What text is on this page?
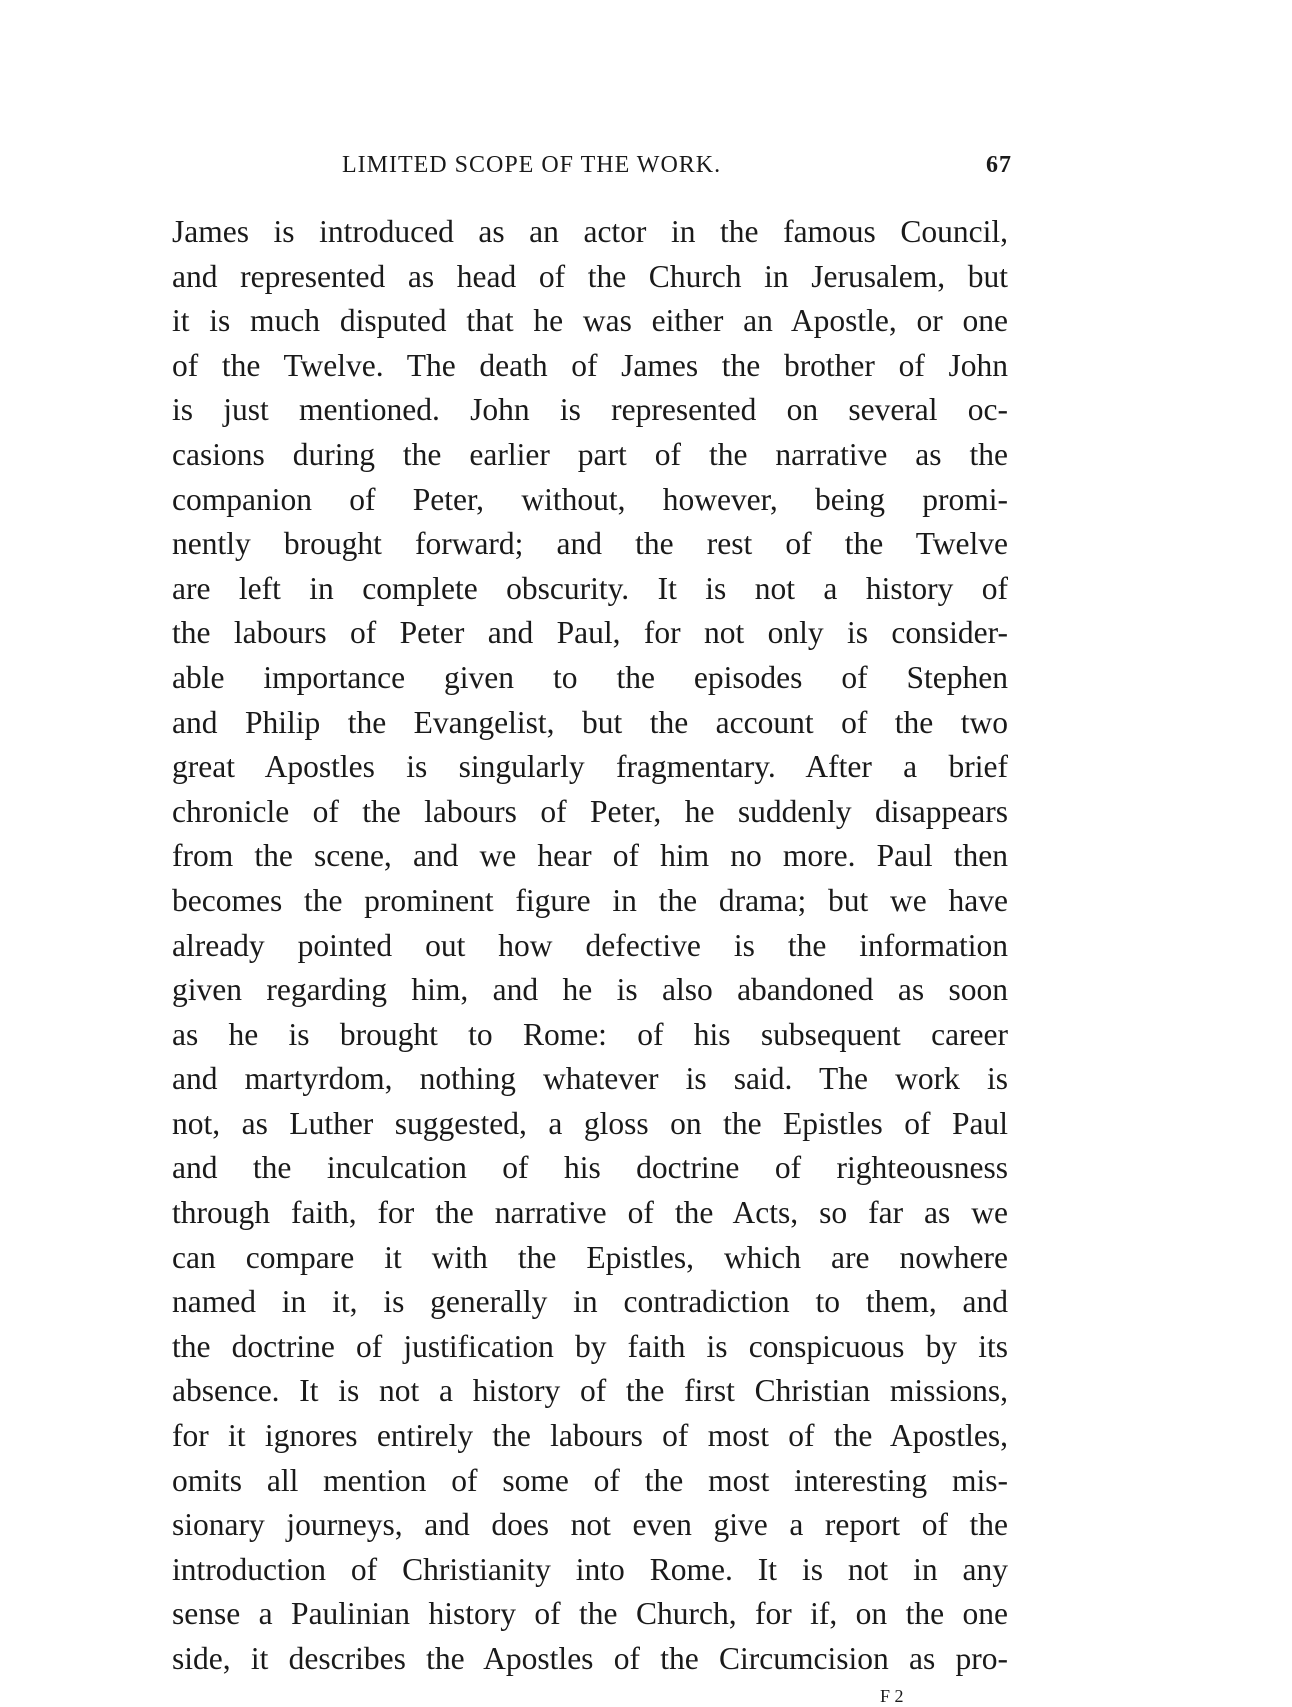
LIMITED SCOPE OF THE WORK.	67
James is introduced as an actor in the famous Council,
and represented as head of the Church in Jerusalem, but
it is much disputed that he was either an Apostle, or one
of the Twelve. The death of James the brother of John
is just mentioned. John is represented on several oc-
casions during the earlier part of the narrative as the
companion of Peter, without, however, being promi-
nently brought forward; and the rest of the Twelve
are left in complete obscurity. It is not a history of
the labours of Peter and Paul, for not only is consider-
able importance given to the episodes of Stephen
and Philip the Evangelist, but the account of the two
great Apostles is singularly fragmentary. After a brief
chronicle of the labours of Peter, he suddenly disappears
from the scene, and we hear of him no more. Paul then
becomes the prominent figure in the drama; but we have
already pointed out how defective is the information
given regarding him, and he is also abandoned as soon
as he is brought to Rome: of his subsequent career
and martyrdom, nothing whatever is said. The work is
not, as Luther suggested, a gloss on the Epistles of Paul
and the inculcation of his doctrine of righteousness
through faith, for the narrative of the Acts, so far as we
can compare it with the Epistles, which are nowhere
named in it, is generally in contradiction to them, and
the doctrine of justification by faith is conspicuous by its
absence. It is not a history of the first Christian missions,
for it ignores entirely the labours of most of the Apostles,
omits all mention of some of the most interesting mis-
sionary journeys, and does not even give a report of the
introduction of Christianity into Rome. It is not in any
sense a Paulinian history of the Church, for if, on the one
side, it describes the Apostles of the Circumcision as pro-
F 2
